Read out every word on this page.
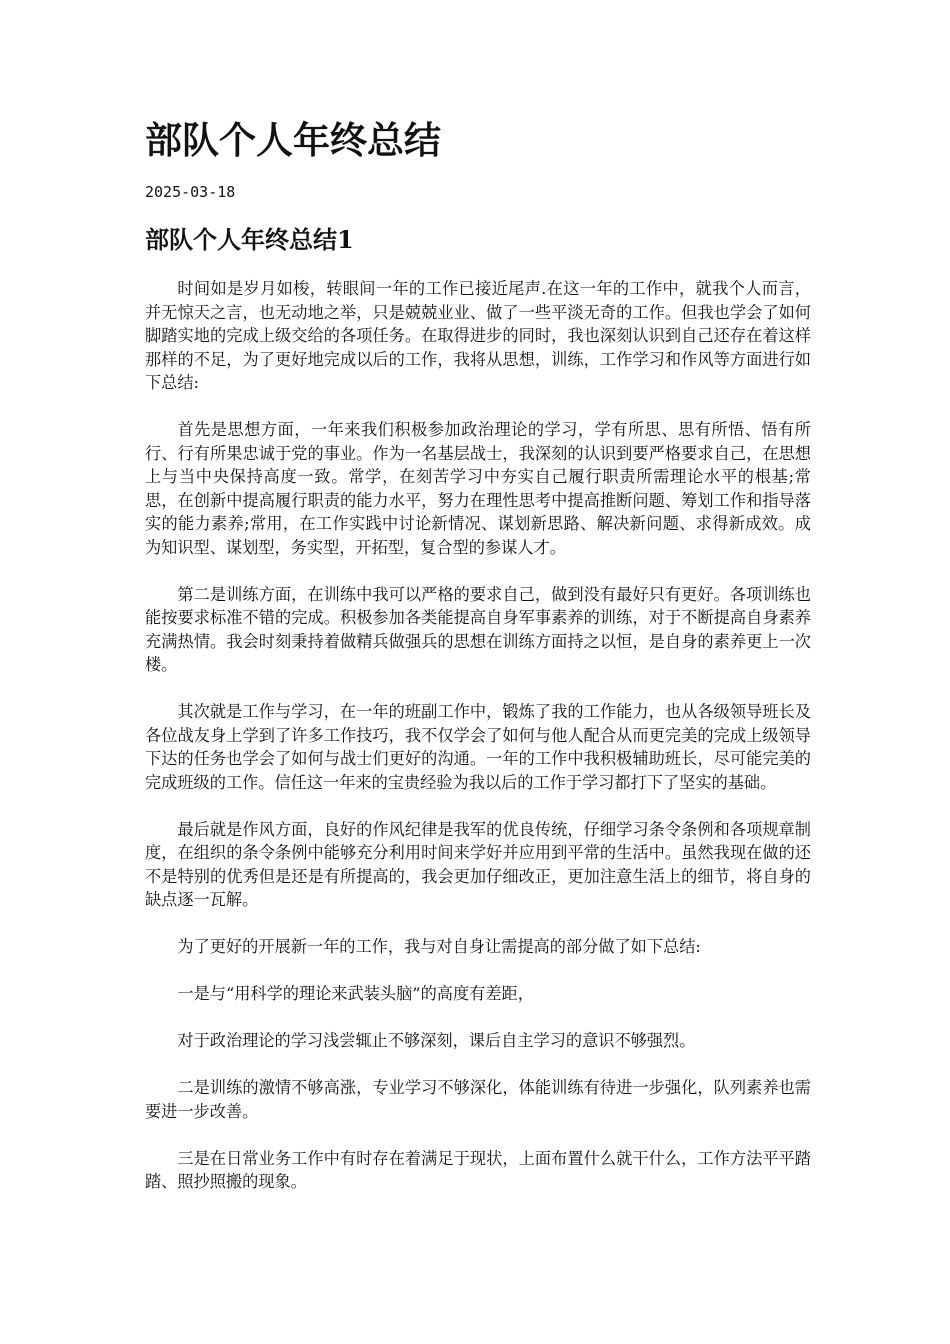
部队个人年终总结
2025-03-18
部队个人年终总结1

时间如是岁月如梭，转眼间一年的工作已接近尾声.在这一年的工作中，就我个人而言，并无惊天之言，也无动地之举，只是兢兢业业、做了一些平淡无奇的工作。但我也学会了如何脚踏实地的完成上级交给的各项任务。在取得进步的同时，我也深刻认识到自己还存在着这样那样的不足，为了更好地完成以后的工作，我将从思想，训练，工作学习和作风等方面进行如下总结:

首先是思想方面，一年来我们积极参加政治理论的学习，学有所思、思有所悟、悟有所行、行有所果忠诚于党的事业。作为一名基层战士，我深刻的认识到要严格要求自己，在思想上与当中央保持高度一致。常学，在刻苦学习中夯实自己履行职责所需理论水平的根基;常思，在创新中提高履行职责的能力水平，努力在理性思考中提高推断问题、筹划工作和指导落实的能力素养;常用，在工作实践中讨论新情况、谋划新思路、解决新问题、求得新成效。成为知识型、谋划型，务实型，开拓型，复合型的参谋人才。

第二是训练方面，在训练中我可以严格的要求自己，做到没有最好只有更好。各项训练也能按要求标准不错的完成。积极参加各类能提高自身军事素养的训练，对于不断提高自身素养充满热情。我会时刻秉持着做精兵做强兵的思想在训练方面持之以恒，是自身的素养更上一次楼。

其次就是工作与学习，在一年的班副工作中，锻炼了我的工作能力，也从各级领导班长及各位战友身上学到了许多工作技巧，我不仅学会了如何与他人配合从而更完美的完成上级领导下达的任务也学会了如何与战士们更好的沟通。一年的工作中我积极辅助班长，尽可能完美的完成班级的工作。信任这一年来的宝贵经验为我以后的工作于学习都打下了坚实的基础。

最后就是作风方面，良好的作风纪律是我军的优良传统，仔细学习条令条例和各项规章制度，在组织的条令条例中能够充分利用时间来学好并应用到平常的生活中。虽然我现在做的还不是特别的优秀但是还是有所提高的，我会更加仔细改正，更加注意生活上的细节，将自身的缺点逐一瓦解。

为了更好的开展新一年的工作，我与对自身让需提高的部分做了如下总结:

一是与“用科学的理论来武装头脑”的高度有差距，

对于政治理论的学习浅尝辄止不够深刻，课后自主学习的意识不够强烈。

二是训练的激情不够高涨，专业学习不够深化，体能训练有待进一步强化，队列素养也需要进一步改善。

三是在日常业务工作中有时存在着满足于现状，上面布置什么就干什么，工作方法平平踏踏、照抄照搬的现象。
